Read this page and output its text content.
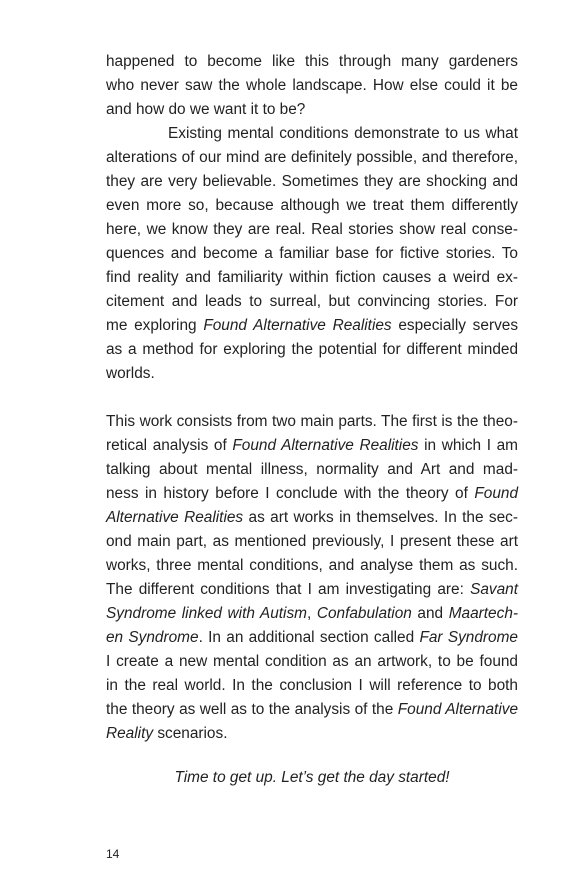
happened to become like this through many gardeners
who never saw the whole landscape. How else could it be
and how do we want it to be?
Existing mental conditions demonstrate to us what
alterations of our mind are definitely possible, and therefore,
they are very believable. Sometimes they are shocking and
even more so, because although we treat them differently
here, we know they are real. Real stories show real conse-
quences and become a familiar base for fictive stories. To
find reality and familiarity within fiction causes a weird ex-
citement and leads to surreal, but convincing stories. For
me exploring Found Alternative Realities especially serves
as a method for exploring the potential for different minded
worlds.
This work consists from two main parts. The first is the theo-
retical analysis of Found Alternative Realities in which I am
talking about mental illness, normality and Art and mad-
ness in history before I conclude with the theory of Found
Alternative Realities as art works in themselves. In the sec-
ond main part, as mentioned previously, I present these art
works, three mental conditions, and analyse them as such.
The different conditions that I am investigating are: Savant
Syndrome linked with Autism, Confabulation and Maartech-
en Syndrome. In an additional section called Far Syndrome
I create a new mental condition as an artwork, to be found
in the real world. In the conclusion I will reference to both
the theory as well as to the analysis of the Found Alternative
Reality scenarios.
Time to get up. Let’s get the day started!
14
